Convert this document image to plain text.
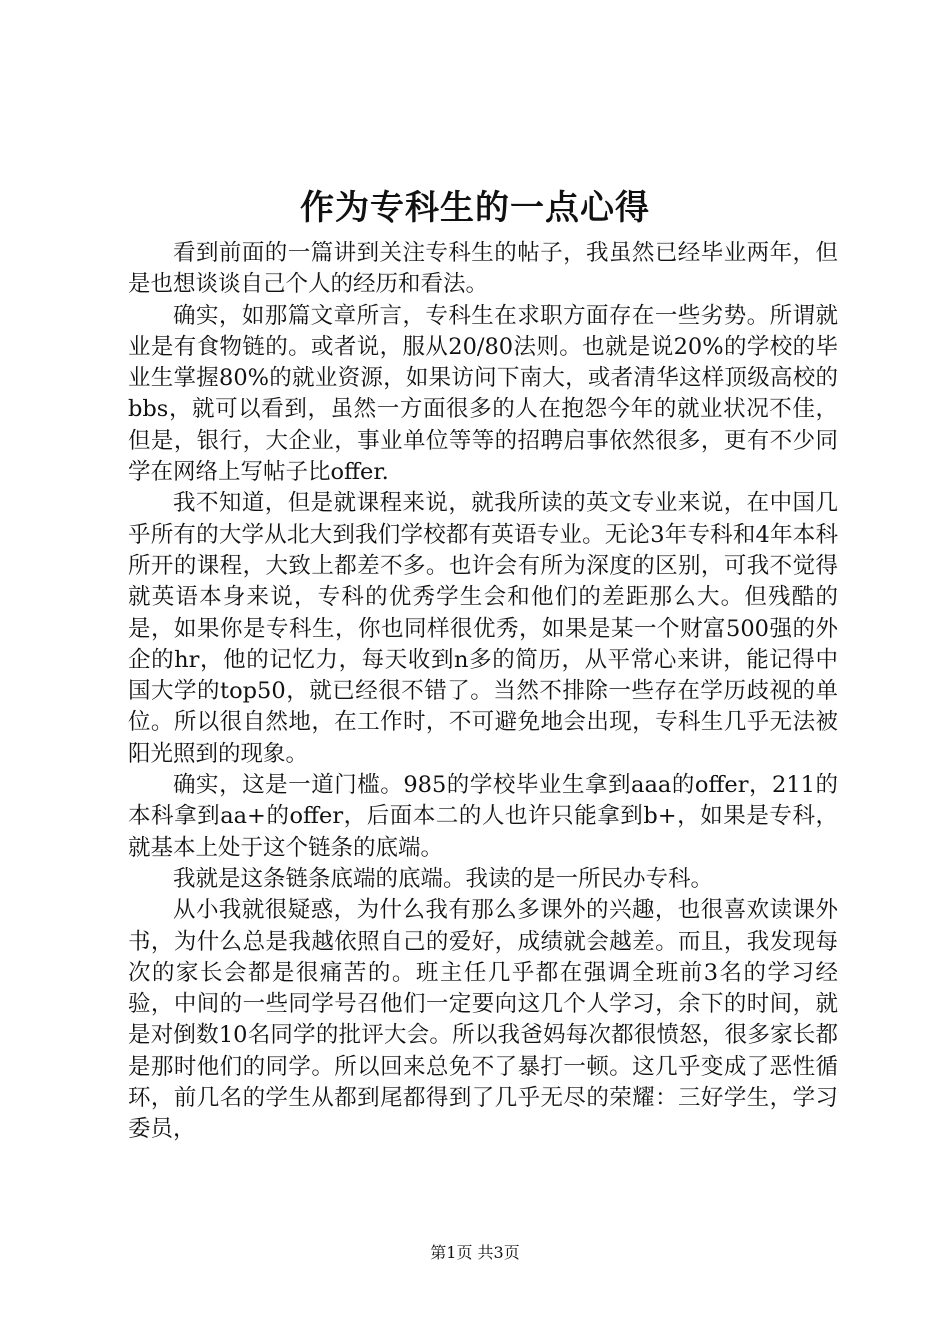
作为专科生的一点心得

看到前面的一篇讲到关注专科生的帖子，我虽然已经毕业两年，但是也想谈谈自己个人的经历和看法。

确实，如那篇文章所言，专科生在求职方面存在一些劣势。所谓就业是有食物链的。或者说，服从20/80法则。也就是说20%的学校的毕业生掌握80%的就业资源，如果访问下南大，或者清华这样顶级高校的bbs，就可以看到，虽然一方面很多的人在抱怨今年的就业状况不佳，但是，银行，大企业，事业单位等等的招聘启事依然很多，更有不少同学在网络上写帖子比offer.

我不知道，但是就课程来说，就我所读的英文专业来说，在中国几乎所有的大学从北大到我们学校都有英语专业。无论3年专科和4年本科所开的课程，大致上都差不多。也许会有所为深度的区别，可我不觉得就英语本身来说，专科的优秀学生会和他们的差距那么大。但残酷的是，如果你是专科生，你也同样很优秀，如果是某一个财富500强的外企的hr，他的记忆力，每天收到n多的简历，从平常心来讲，能记得中国大学的top50，就已经很不错了。当然不排除一些存在学历歧视的单位。所以很自然地，在工作时，不可避免地会出现，专科生几乎无法被阳光照到的现象。

确实，这是一道门槛。985的学校毕业生拿到aaa的offer，211的本科拿到aa+的offer，后面本二的人也许只能拿到b+，如果是专科，就基本上处于这个链条的底端。

我就是这条链条底端的底端。我读的是一所民办专科。

从小我就很疑惑，为什么我有那么多课外的兴趣，也很喜欢读课外书，为什么总是我越依照自己的爱好，成绩就会越差。而且，我发现每次的家长会都是很痛苦的。班主任几乎都在强调全班前3名的学习经验，中间的一些同学号召他们一定要向这几个人学习，余下的时间，就是对倒数10名同学的批评大会。所以我爸妈每次都很愤怒，很多家长都是那时他们的同学。所以回来总免不了暴打一顿。这几乎变成了恶性循环，前几名的学生从都到尾都得到了几乎无尽的荣耀：三好学生，学习委员，

第1页 共3页
